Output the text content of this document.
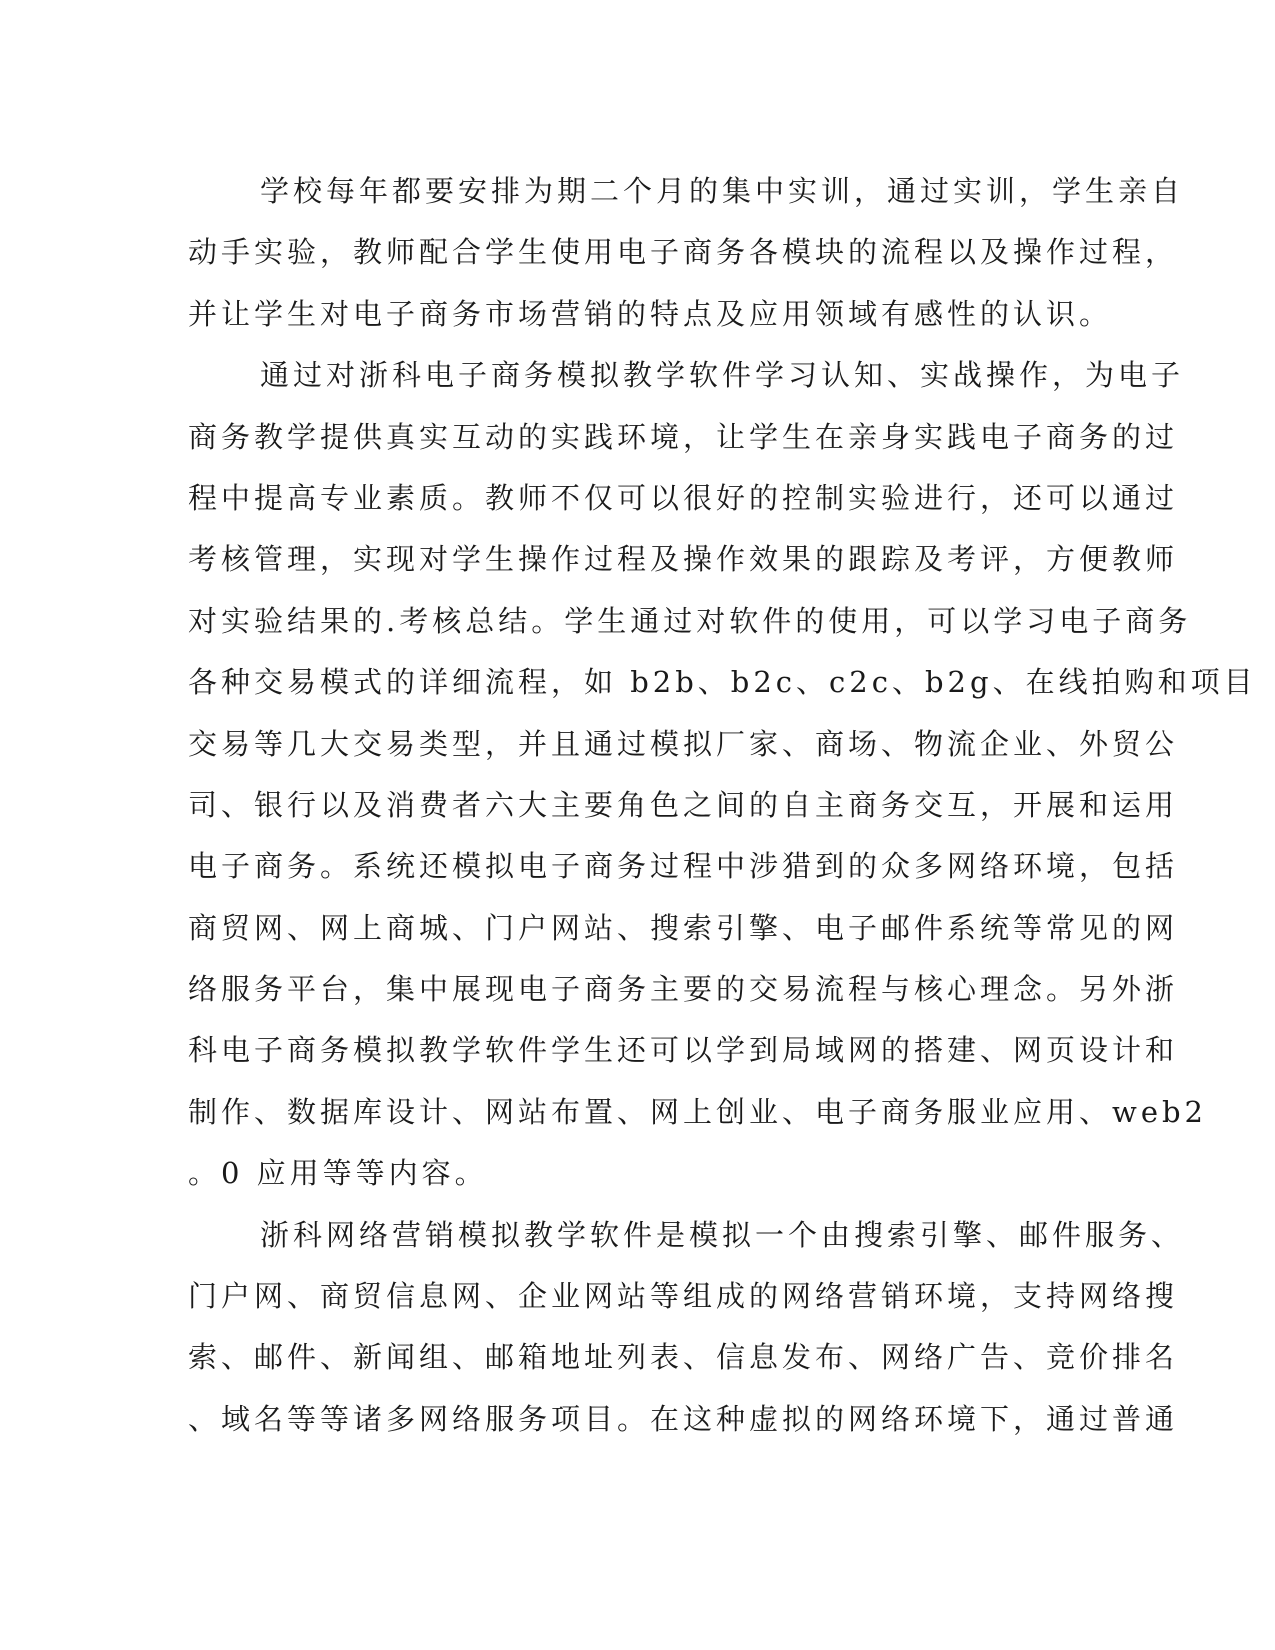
学校每年都要安排为期二个月的集中实训，通过实训，学生亲自
动手实验，教师配合学生使用电子商务各模块的流程以及操作过程，
并让学生对电子商务市场营销的特点及应用领域有感性的认识。
通过对浙科电子商务模拟教学软件学习认知、实战操作，为电子
商务教学提供真实互动的实践环境，让学生在亲身实践电子商务的过
程中提高专业素质。教师不仅可以很好的控制实验进行，还可以通过
考核管理，实现对学生操作过程及操作效果的跟踪及考评，方便教师
对实验结果的.考核总结。学生通过对软件的使用，可以学习电子商务
各种交易模式的详细流程，如 b2b、b2c、c2c、b2g、在线拍购和项目
交易等几大交易类型，并且通过模拟厂家、商场、物流企业、外贸公
司、银行以及消费者六大主要角色之间的自主商务交互，开展和运用
电子商务。系统还模拟电子商务过程中涉猎到的众多网络环境，包括
商贸网、网上商城、门户网站、搜索引擎、电子邮件系统等常见的网
络服务平台，集中展现电子商务主要的交易流程与核心理念。另外浙
科电子商务模拟教学软件学生还可以学到局域网的搭建、网页设计和
制作、数据库设计、网站布置、网上创业、电子商务服业应用、web2
。0 应用等等内容。
浙科网络营销模拟教学软件是模拟一个由搜索引擎、邮件服务、
门户网、商贸信息网、企业网站等组成的网络营销环境，支持网络搜
索、邮件、新闻组、邮箱地址列表、信息发布、网络广告、竞价排名
、域名等等诸多网络服务项目。在这种虚拟的网络环境下，通过普通
